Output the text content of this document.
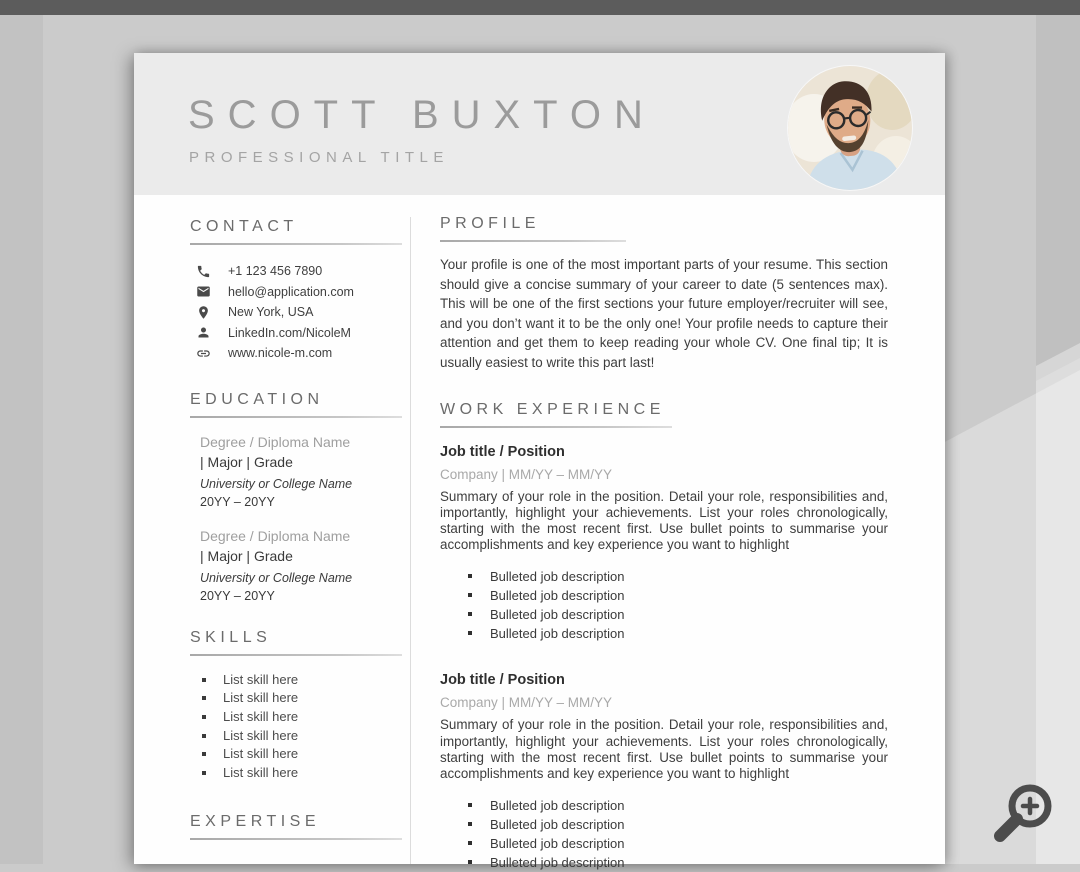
SCOTT BUXTON
PROFESSIONAL TITLE
CONTACT
+1 123 456 7890
hello@application.com
New York, USA
LinkedIn.com/NicoleM
www.nicole-m.com
EDUCATION
Degree / Diploma Name
| Major | Grade
University or College Name
20YY – 20YY
Degree / Diploma Name
| Major | Grade
University or College Name
20YY – 20YY
SKILLS
List skill here
List skill here
List skill here
List skill here
List skill here
List skill here
EXPERTISE
PROFILE

Your profile is one of the most important parts of your resume. This section should give a concise summary of your career to date (5 sentences max). This will be one of the first sections your future employer/recruiter will see, and you don’t want it to be the only one! Your profile needs to capture their attention and get them to keep reading your whole CV. One final tip; It is usually easiest to write this part last!

WORK EXPERIENCE
Job title / Position
Company | MM/YY – MM/YY

Summary of your role in the position. Detail your role, responsibilities and, importantly, highlight your achievements. List your roles chronologically, starting with the most recent first. Use bullet points to summarise your accomplishments and key experience you want to highlight

Bulleted job description
Bulleted job description
Bulleted job description
Bulleted job description
Job title / Position
Company | MM/YY – MM/YY

Summary of your role in the position. Detail your role, responsibilities and, importantly, highlight your achievements. List your roles chronologically, starting with the most recent first. Use bullet points to summarise your accomplishments and key experience you want to highlight

Bulleted job description
Bulleted job description
Bulleted job description
Bulleted job description
